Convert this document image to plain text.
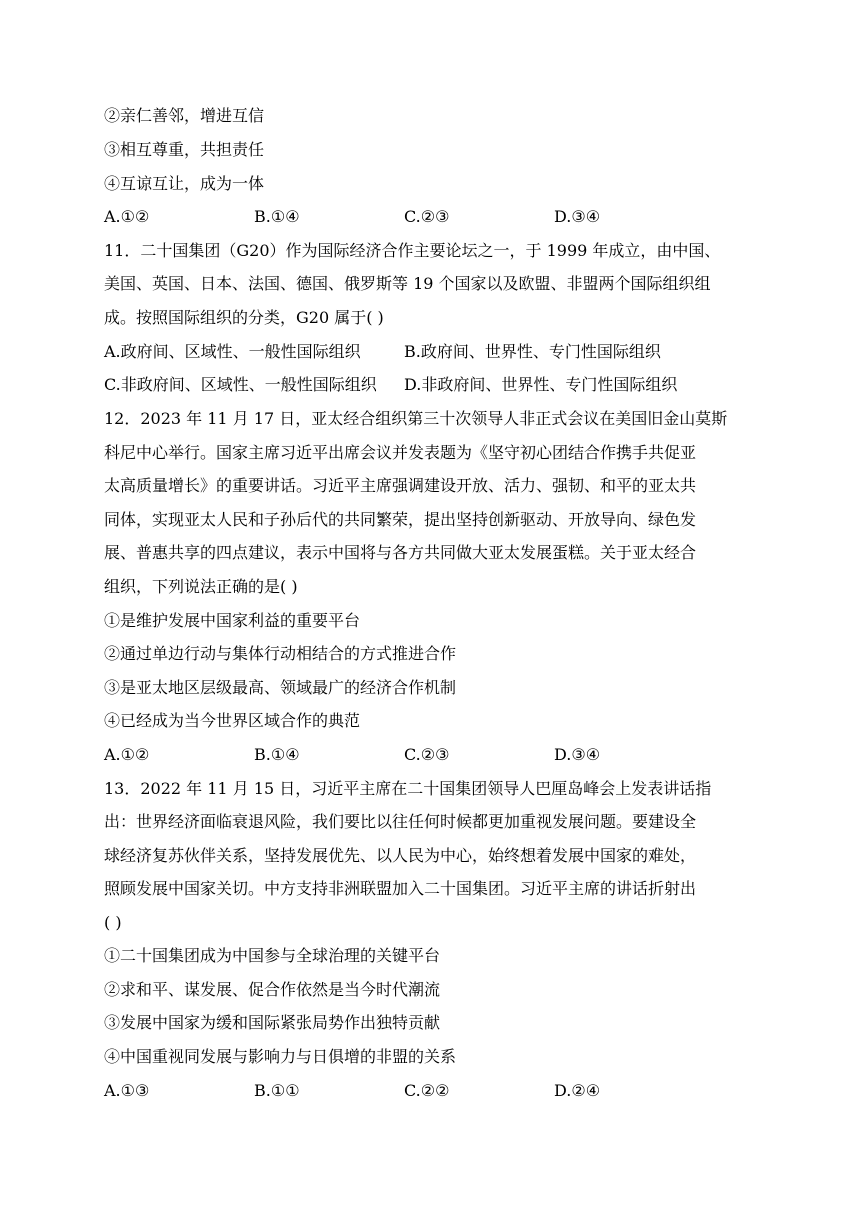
②亲仁善邻，增进互信
③相互尊重，共担责任
④互谅互让，成为一体
A.①②	B.①④	C.②③	D.③④
11．二十国集团（G20）作为国际经济合作主要论坛之一，于 1999 年成立，由中国、
美国、英国、日本、法国、德国、俄罗斯等 19 个国家以及欧盟、非盟两个国际组织组
成。按照国际组织的分类，G20 属于( )
A.政府间、区域性、一般性国际组织	B.政府间、世界性、专门性国际组织
C.非政府间、区域性、一般性国际组织 D.非政府间、世界性、专门性国际组织
12．2023 年 11 月 17 日，亚太经合组织第三十次领导人非正式会议在美国旧金山莫斯
科尼中心举行。国家主席习近平出席会议并发表题为《坚守初心团结合作携手共促亚
太高质量增长》的重要讲话。习近平主席强调建设开放、活力、强韧、和平的亚太共
同体，实现亚太人民和子孙后代的共同繁荣，提出坚持创新驱动、开放导向、绿色发
展、普惠共享的四点建议，表示中国将与各方共同做大亚太发展蛋糕。关于亚太经合
组织，下列说法正确的是( )
①是维护发展中国家利益的重要平台
②通过单边行动与集体行动相结合的方式推进合作
③是亚太地区层级最高、领域最广的经济合作机制
④已经成为当今世界区域合作的典范
A.①②	B.①④	C.②③	D.③④
13．2022 年 11 月 15 日，习近平主席在二十国集团领导人巴厘岛峰会上发表讲话指
出：世界经济面临衰退风险，我们要比以往任何时候都更加重视发展问题。要建设全
球经济复苏伙伴关系，坚持发展优先、以人民为中心，始终想着发展中国家的难处，
照顾发展中国家关切。中方支持非洲联盟加入二十国集团。习近平主席的讲话折射出
( )
①二十国集团成为中国参与全球治理的关键平台
②求和平、谋发展、促合作依然是当今时代潮流
③发展中国家为缓和国际紧张局势作出独特贡献
④中国重视同发展与影响力与日俱增的非盟的关系
A.①③	B.①①	C.②②	D.②④
